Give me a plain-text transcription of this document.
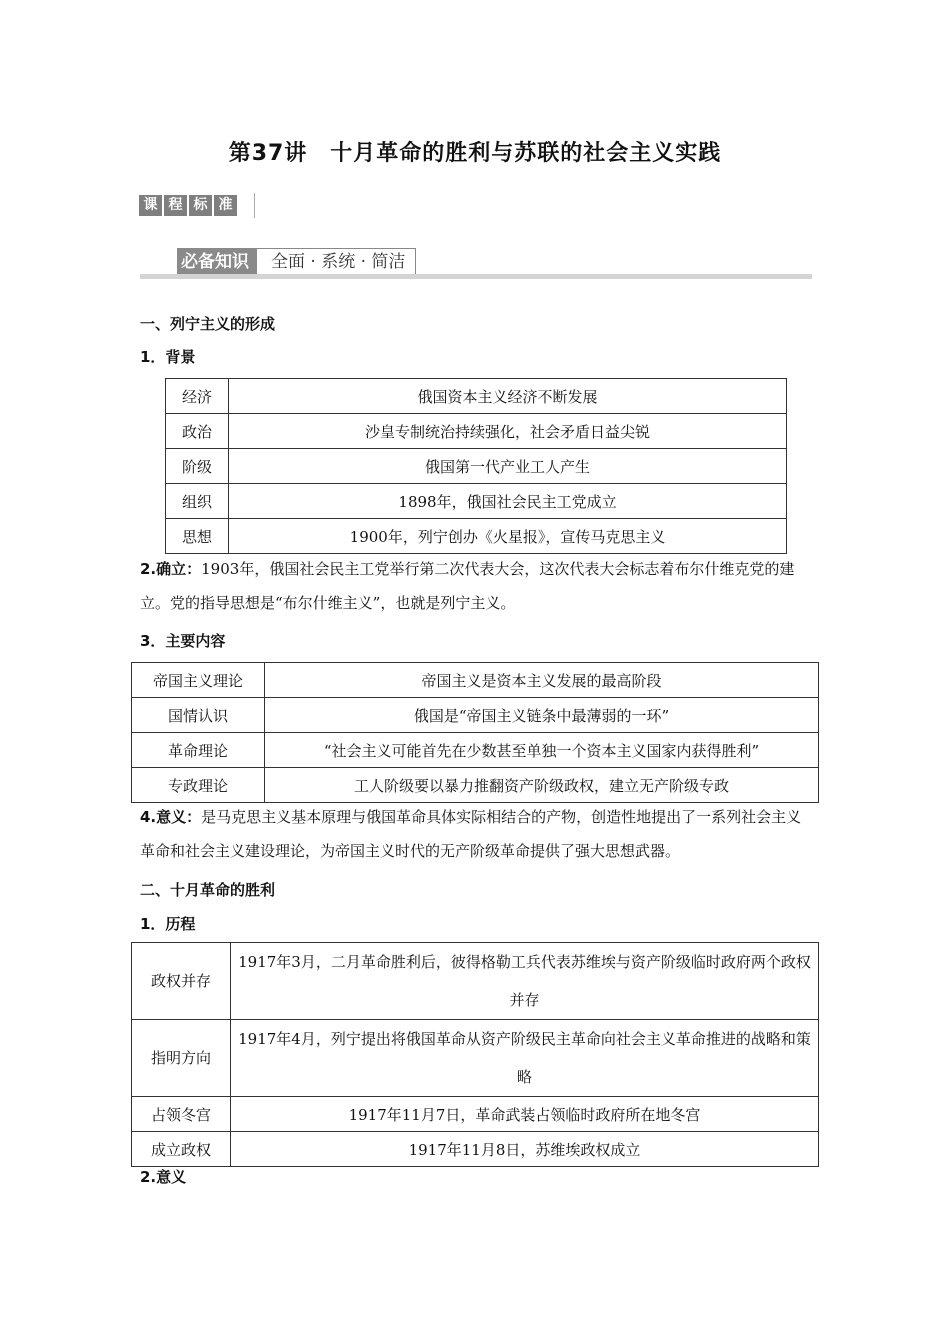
第37讲　十月革命的胜利与苏联的社会主义实践
课 程 标 准
必备知识	全面 · 系统 · 简洁
一、列宁主义的形成
1．背景
经济	俄国资本主义经济不断发展
政治	沙皇专制统治持续强化，社会矛盾日益尖锐
阶级	俄国第一代产业工人产生
组织	1898年，俄国社会民主工党成立
思想	1900年，列宁创办《火星报》，宣传马克思主义
2.确立：1903年，俄国社会民主工党举行第二次代表大会，这次代表大会标志着布尔什维克党的建立。党的指导思想是“布尔什维主义”，也就是列宁主义。
3．主要内容
帝国主义理论	帝国主义是资本主义发展的最高阶段
国情认识	俄国是“帝国主义链条中最薄弱的一环”
革命理论	“社会主义可能首先在少数甚至单独一个资本主义国家内获得胜利”
专政理论	工人阶级要以暴力推翻资产阶级政权，建立无产阶级专政
4.意义：是马克思主义基本原理与俄国革命具体实际相结合的产物，创造性地提出了一系列社会主义革命和社会主义建设理论，为帝国主义时代的无产阶级革命提供了强大思想武器。
二、十月革命的胜利
1．历程
政权并存	1917年3月，二月革命胜利后，彼得格勒工兵代表苏维埃与资产阶级临时政府两个政权并存
指明方向	1917年4月，列宁提出将俄国革命从资产阶级民主革命向社会主义革命推进的战略和策略
占领冬宫	1917年11月7日，革命武装占领临时政府所在地冬宫
成立政权	1917年11月8日，苏维埃政权成立
2.意义
